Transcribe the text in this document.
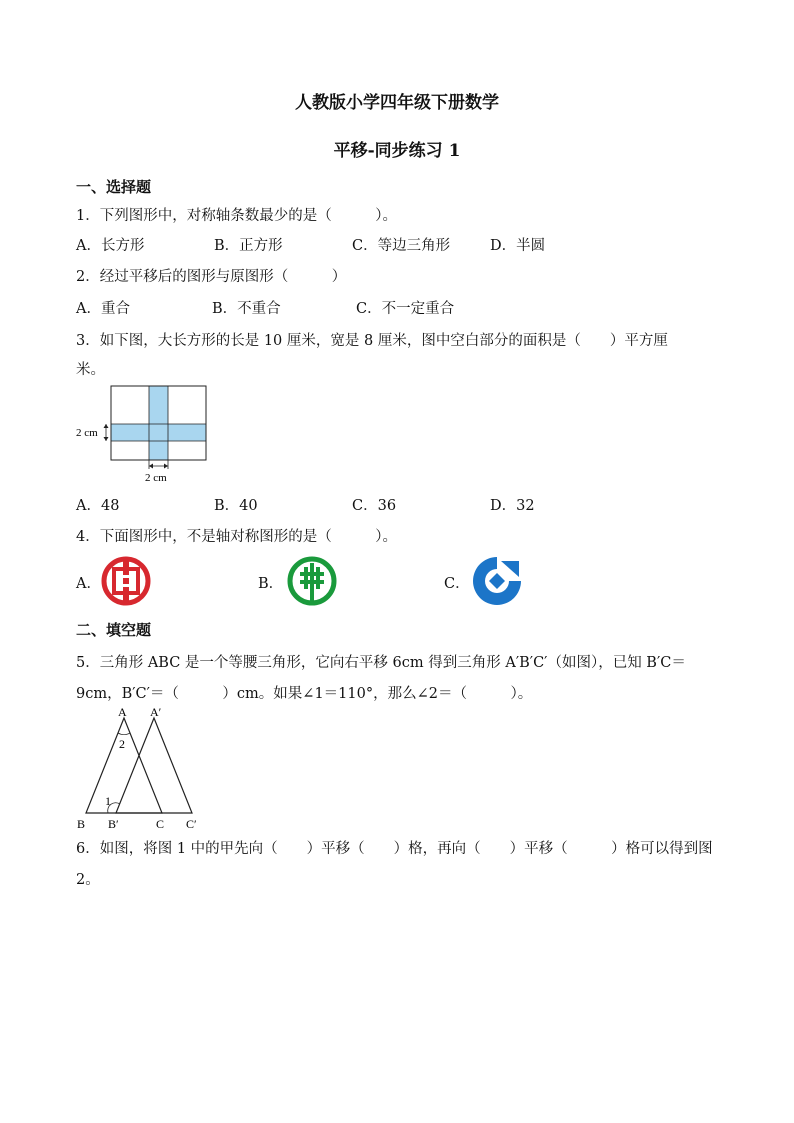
人教版小学四年级下册数学
平移-同步练习 1
一、选择题
1．下列图形中，对称轴条数最少的是（　　　）。
A．长方形	B．正方形	C．等边三角形	D．半圆
2．经过平移后的图形与原图形（　　　）
A．重合	B．不重合	C．不一定重合
3．如下图，大长方形的长是 10 厘米，宽是 8 厘米，图中空白部分的面积是（　　）平方厘
米。
2 cm
2 cm
A．48	B．40	C．36	D．32
4．下面图形中，不是轴对称图形的是（　　　）。
A．	B．	C．
二、填空题
5．三角形 ABC 是一个等腰三角形，它向右平移 6cm 得到三角形 A′B′C′（如图），已知 B′C＝
9cm，B′C′＝（　　　）cm。如果∠1＝110°，那么∠2＝（　　　）。
A A′
B B′	C C′
2
1
6．如图，将图 1 中的甲先向（　　）平移（　　）格，再向（　　）平移（　　　）格可以得到图
2。
